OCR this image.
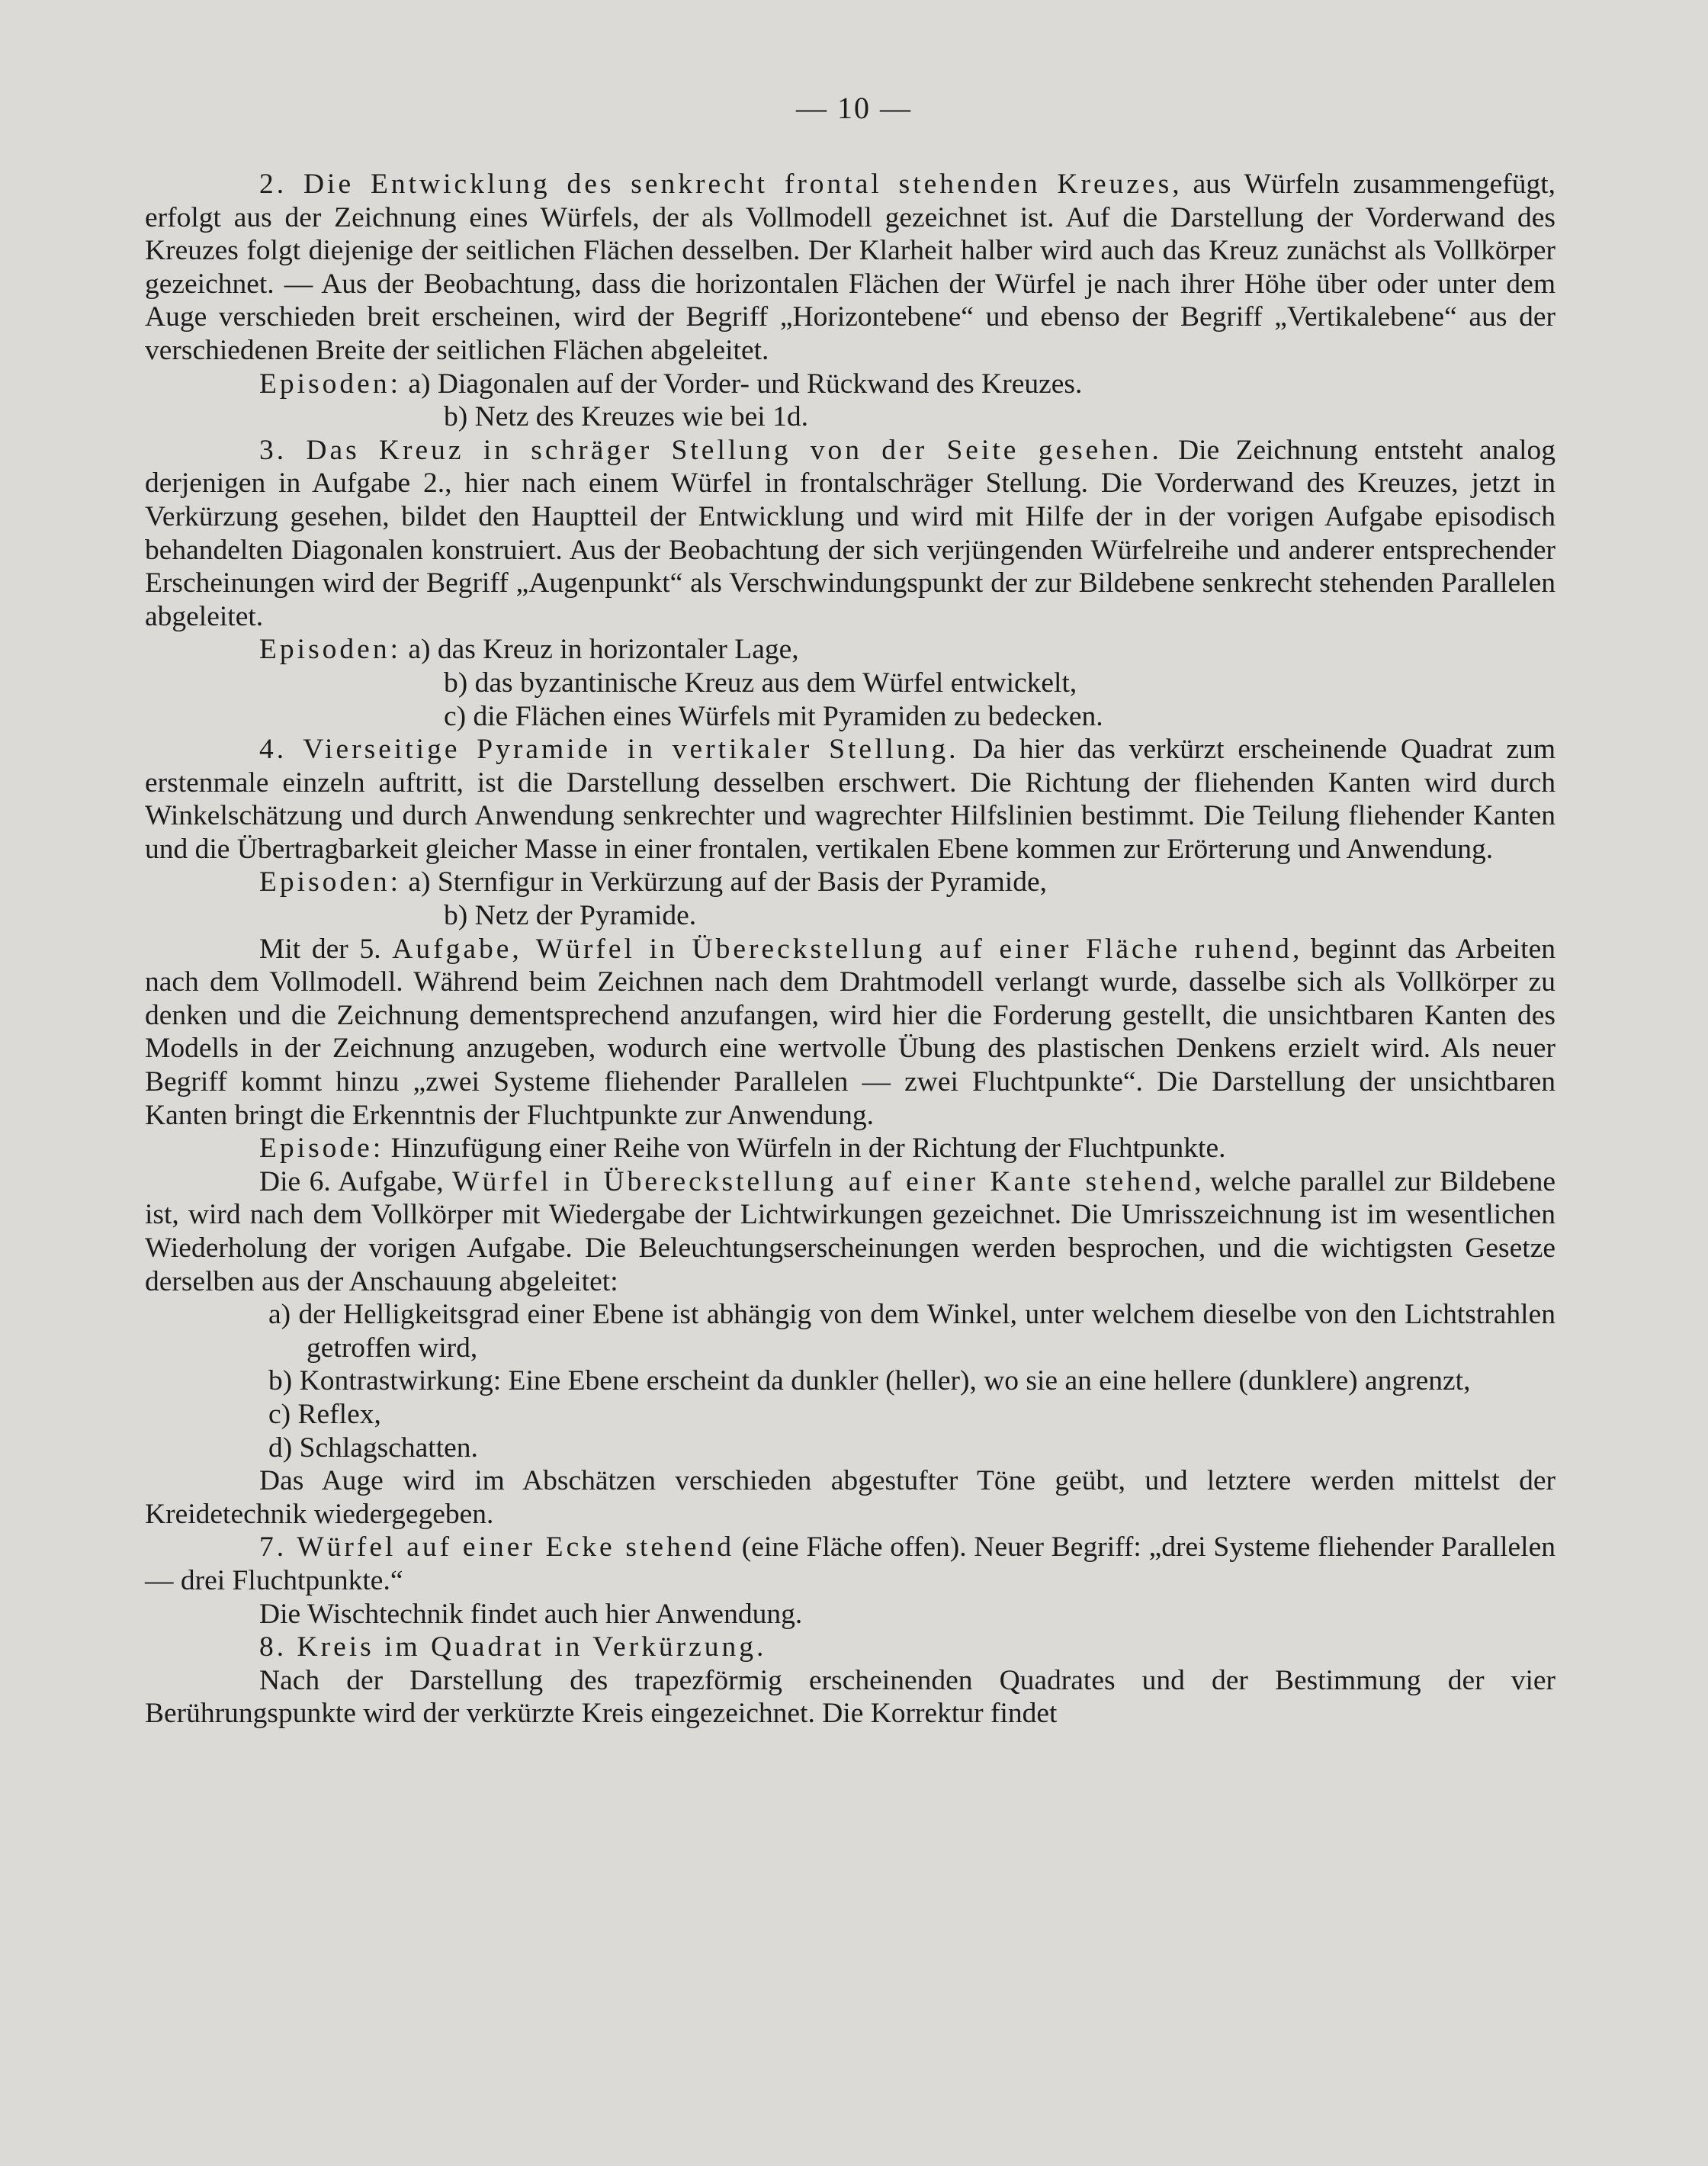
— 10 —

2. Die Entwicklung des senkrecht frontal stehenden Kreuzes, aus Würfeln zusammengefügt, erfolgt aus der Zeichnung eines Würfels, der als Vollmodell gezeichnet ist. Auf die Darstellung der Vorderwand des Kreuzes folgt diejenige der seitlichen Flächen desselben. Der Klarheit halber wird auch das Kreuz zunächst als Vollkörper gezeichnet. — Aus der Beobachtung, dass die horizontalen Flächen der Würfel je nach ihrer Höhe über oder unter dem Auge verschieden breit erscheinen, wird der Begriff „Horizontebene“ und ebenso der Begriff „Vertikalebene“ aus der verschiedenen Breite der seitlichen Flächen abgeleitet.

Episoden: a) Diagonalen auf der Vorder- und Rückwand des Kreuzes.

b) Netz des Kreuzes wie bei 1d.

3. Das Kreuz in schräger Stellung von der Seite gesehen. Die Zeichnung entsteht analog derjenigen in Aufgabe 2., hier nach einem Würfel in frontalschräger Stellung. Die Vorderwand des Kreuzes, jetzt in Verkürzung gesehen, bildet den Hauptteil der Entwicklung und wird mit Hilfe der in der vorigen Aufgabe episodisch behandelten Diagonalen konstruiert. Aus der Beobachtung der sich verjüngenden Würfelreihe und anderer entsprechender Erscheinungen wird der Begriff „Augenpunkt“ als Verschwindungspunkt der zur Bildebene senkrecht stehenden Parallelen abgeleitet.

Episoden: a) das Kreuz in horizontaler Lage,

b) das byzantinische Kreuz aus dem Würfel entwickelt,

c) die Flächen eines Würfels mit Pyramiden zu bedecken.

4. Vierseitige Pyramide in vertikaler Stellung. Da hier das verkürzt erscheinende Quadrat zum erstenmale einzeln auftritt, ist die Darstellung desselben erschwert. Die Richtung der fliehenden Kanten wird durch Winkelschätzung und durch Anwendung senkrechter und wagrechter Hilfslinien bestimmt. Die Teilung fliehender Kanten und die Übertragbarkeit gleicher Masse in einer frontalen, vertikalen Ebene kommen zur Erörterung und Anwendung.

Episoden: a) Sternfigur in Verkürzung auf der Basis der Pyramide,

b) Netz der Pyramide.

Mit der 5. Aufgabe, Würfel in Übereckstellung auf einer Fläche ruhend, beginnt das Arbeiten nach dem Vollmodell. Während beim Zeichnen nach dem Drahtmodell verlangt wurde, dasselbe sich als Vollkörper zu denken und die Zeichnung dementsprechend anzufangen, wird hier die Forderung gestellt, die unsichtbaren Kanten des Modells in der Zeichnung anzugeben, wodurch eine wertvolle Übung des plastischen Denkens erzielt wird. Als neuer Begriff kommt hinzu „zwei Systeme fliehender Parallelen — zwei Fluchtpunkte“. Die Darstellung der unsichtbaren Kanten bringt die Erkenntnis der Fluchtpunkte zur Anwendung.

Episode: Hinzufügung einer Reihe von Würfeln in der Richtung der Fluchtpunkte.

Die 6. Aufgabe, Würfel in Übereckstellung auf einer Kante stehend, welche parallel zur Bildebene ist, wird nach dem Vollkörper mit Wiedergabe der Lichtwirkungen gezeichnet. Die Umrisszeichnung ist im wesentlichen Wiederholung der vorigen Aufgabe. Die Beleuchtungserscheinungen werden besprochen, und die wichtigsten Gesetze derselben aus der Anschauung abgeleitet:

a) der Helligkeitsgrad einer Ebene ist abhängig von dem Winkel, unter welchem dieselbe von den Lichtstrahlen getroffen wird,

b) Kontrastwirkung: Eine Ebene erscheint da dunkler (heller), wo sie an eine hellere (dunklere) angrenzt,

c) Reflex,

d) Schlagschatten.

Das Auge wird im Abschätzen verschieden abgestufter Töne geübt, und letztere werden mittelst der Kreidetechnik wiedergegeben.

7. Würfel auf einer Ecke stehend (eine Fläche offen). Neuer Begriff: „drei Systeme fliehender Parallelen — drei Fluchtpunkte.“

Die Wischtechnik findet auch hier Anwendung.

8. Kreis im Quadrat in Verkürzung.

Nach der Darstellung des trapezförmig erscheinenden Quadrates und der Bestimmung der vier Berührungspunkte wird der verkürzte Kreis eingezeichnet. Die Korrektur findet
